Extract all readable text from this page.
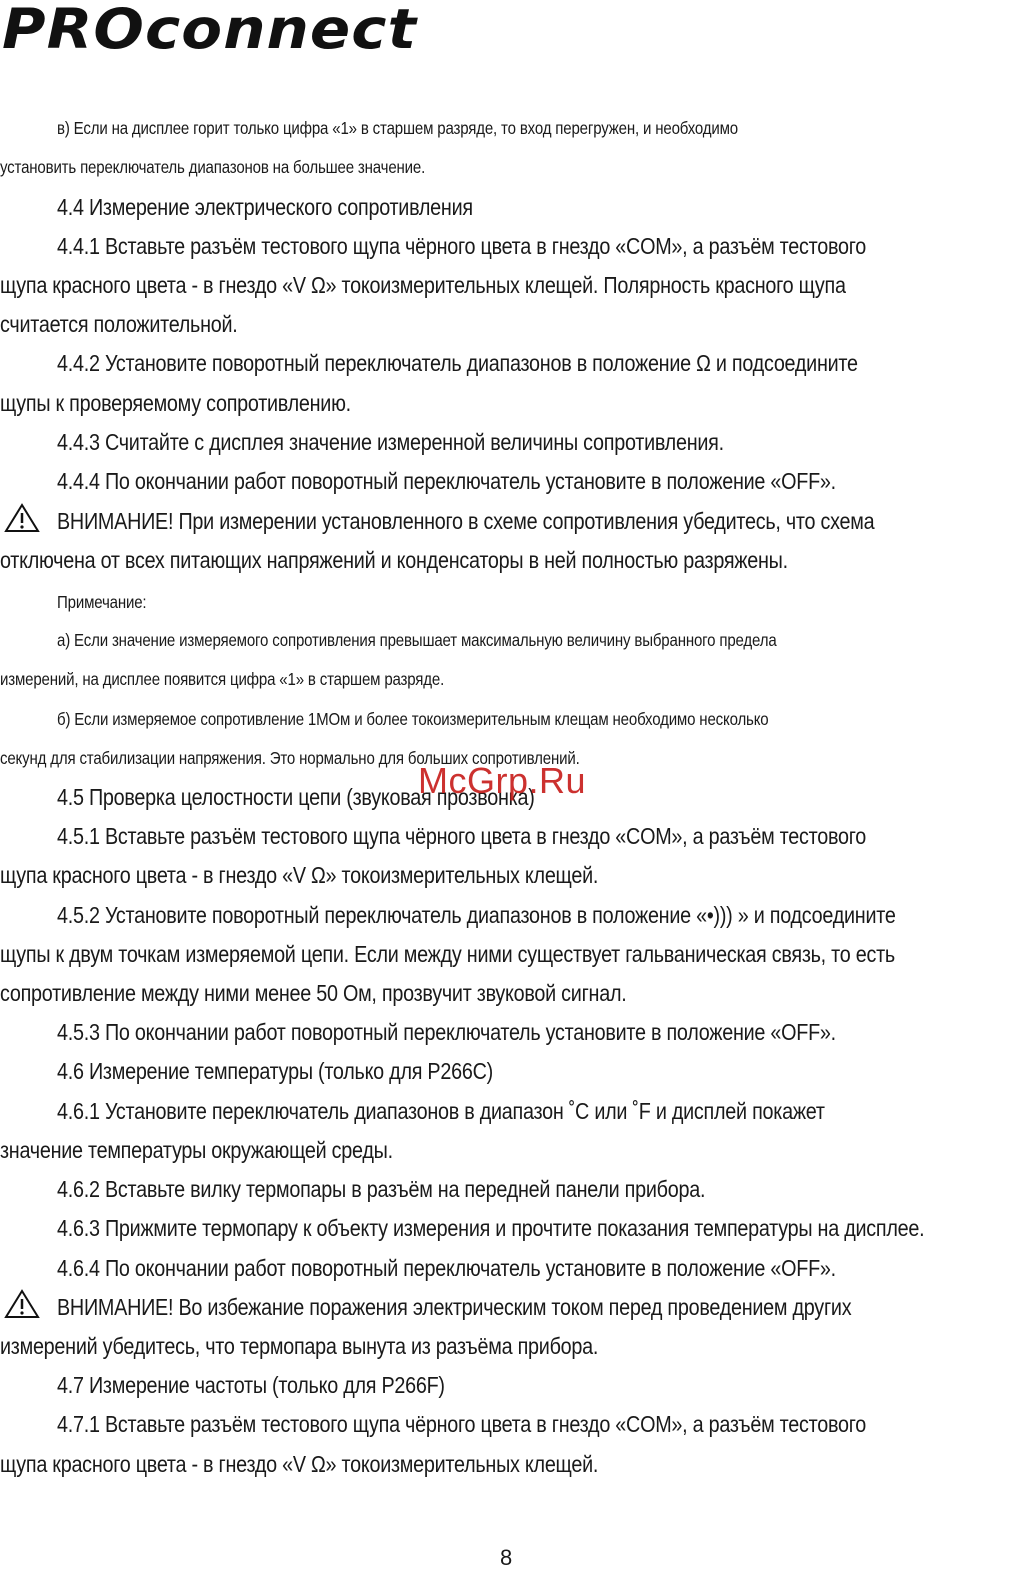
PROconnect
в) Если на дисплее горит только цифра «1» в старшем разряде, то вход перегружен, и необходимо
установить переключатель диапазонов на большее значение.
4.4 Измерение электрического сопротивления
4.4.1 Вставьте разъём тестового щупа чёрного цвета в гнездо «COM», а разъём тестового
щупа красного цвета - в гнездо «V Ω» токоизмерительных клещей. Полярность красного щупа
считается положительной.
4.4.2 Установите поворотный переключатель диапазонов в положение Ω и подсоедините
щупы к проверяемому сопротивлению.
4.4.3 Считайте с дисплея значение измеренной величины сопротивления.
4.4.4 По окончании работ поворотный переключатель установите в положение «OFF».
ВНИМАНИЕ! При измерении установленного в схеме сопротивления убедитесь, что схема
отключена от всех питающих напряжений и конденсаторы в ней полностью разряжены.
Примечание:
а) Если значение измеряемого сопротивления превышает максимальную величину выбранного предела
измерений, на дисплее появится цифра «1» в старшем разряде.
б) Если измеряемое сопротивление 1МОм и более токоизмерительным клещам необходимо несколько
секунд для стабилизации напряжения. Это нормально для больших сопротивлений.
4.5 Проверка целостности цепи (звуковая прозвонка)
4.5.1 Вставьте разъём тестового щупа чёрного цвета в гнездо «COM», а разъём тестового
щупа красного цвета - в гнездо «V Ω» токоизмерительных клещей.
4.5.2 Установите поворотный переключатель диапазонов в положение «•))) » и подсоедините
щупы к двум точкам измеряемой цепи. Если между ними существует гальваническая связь, то есть
сопротивление между ними менее 50 Ом, прозвучит звуковой сигнал.
4.5.3 По окончании работ поворотный переключатель установите в положение «OFF».
4.6 Измерение температуры (только для P266C)
4.6.1 Установите переключатель диапазонов в диапазон ˚C или ˚F и дисплей покажет
значение температуры окружающей среды.
4.6.2 Вставьте вилку термопары в разъём на передней панели прибора.
4.6.3 Прижмите термопару к объекту измерения и прочтите показания температуры на дисплее.
4.6.4 По окончании работ поворотный переключатель установите в положение «OFF».
ВНИМАНИЕ! Во избежание поражения электрическим током перед проведением других
измерений убедитесь, что термопара вынута из разъёма прибора.
4.7 Измерение частоты (только для P266F)
4.7.1 Вставьте разъём тестового щупа чёрного цвета в гнездо «COM», а разъём тестового
щупа красного цвета - в гнездо «V Ω» токоизмерительных клещей.
McGrp.Ru
8
